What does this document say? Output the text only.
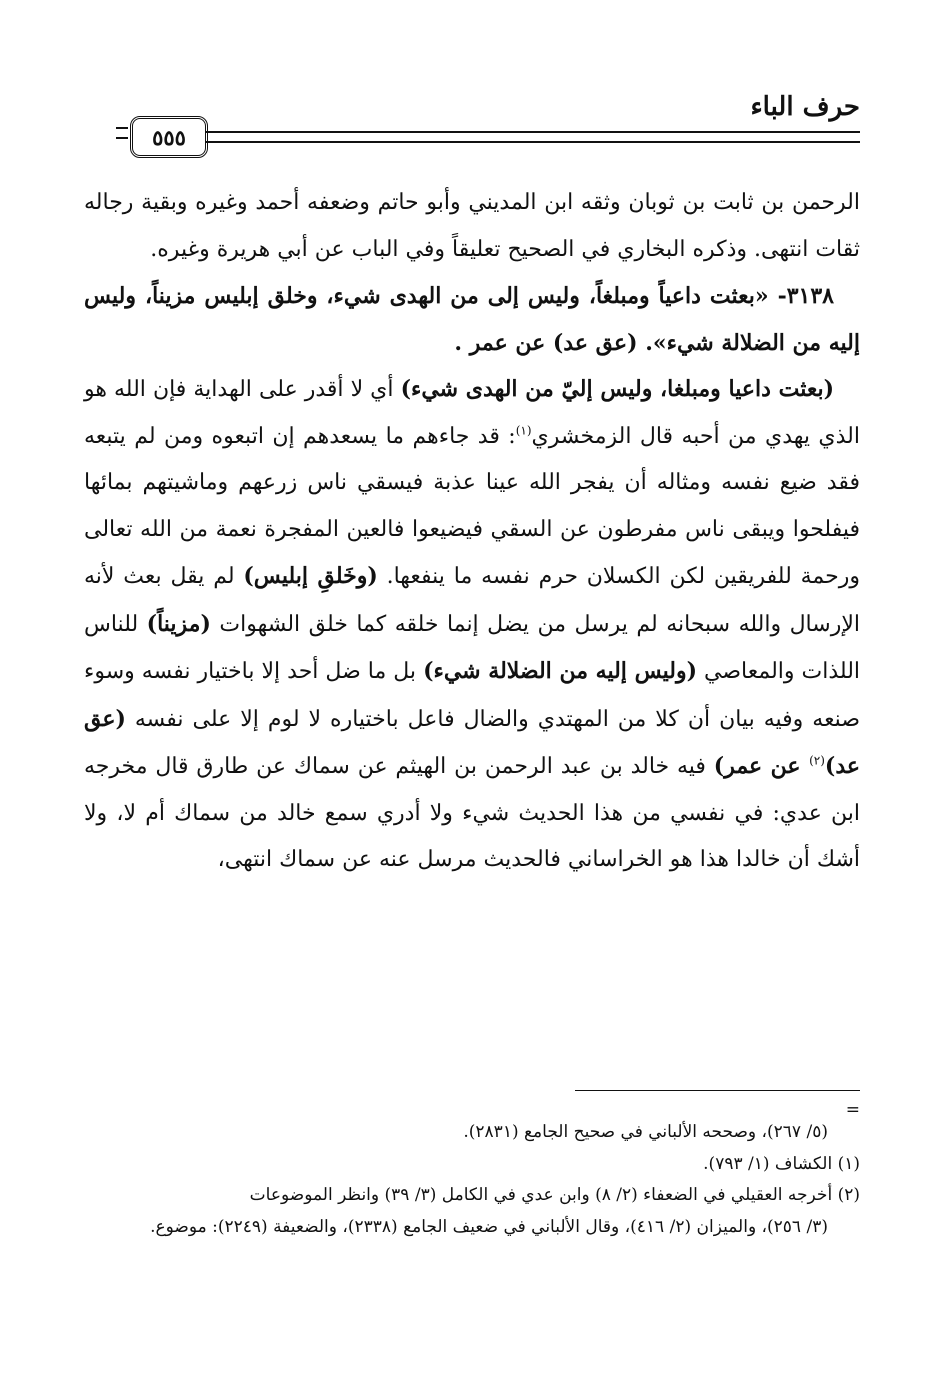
حرف الباء
٥٥٥

الرحمن بن ثابت بن ثوبان وثقه ابن المديني وأبو حاتم وضعفه أحمد وغيره وبقية رجاله ثقات انتهى. وذكره البخاري في الصحيح تعليقاً وفي الباب عن أبي هريرة وغيره.

٣١٣٨- «بعثت داعياً ومبلغاً، وليس إلى من الهدى شيء، وخلق إبليس مزيناً، وليس إليه من الضلالة شيء». (عق عد) عن عمر .

(بعثت داعيا ومبلغا، وليس إليّ من الهدى شيء) أي لا أقدر على الهداية فإن الله هو الذي يهدي من أحبه قال الزمخشري$^{(١)}$: قد جاءهم ما يسعدهم إن اتبعوه ومن لم يتبعه فقد ضيع نفسه ومثاله أن يفجر الله عينا عذبة فيسقي ناس زرعهم وماشيتهم بمائها فيفلحوا ويبقى ناس مفرطون عن السقي فيضيعوا فالعين المفجرة نعمة من الله تعالى ورحمة للفريقين لكن الكسلان حرم نفسه ما ينفعها. (وخَلقِ إبليس) لم يقل بعث لأنه الإرسال والله سبحانه لم يرسل من يضل إنما خلقه كما خلق الشهوات (مزيناً) للناس اللذات والمعاصي (وليس إليه من الضلالة شيء) بل ما ضل أحد إلا باختيار نفسه وسوء صنعه وفيه بيان أن كلا من المهتدي والضال فاعل باختياره لا لوم إلا على نفسه (عق عد)$^{(٢)}$ عن عمر) فيه خالد بن عبد الرحمن بن الهيثم عن سماك عن طارق قال مخرجه ابن عدي: في نفسي من هذا الحديث شيء ولا أدري سمع خالد من سماك أم لا، ولا أشك أن خالدا هذا هو الخراساني فالحديث مرسل عنه عن سماك انتهى،

=

(٥/ ٢٦٧)، وصححه الألباني في صحيح الجامع (٢٨٣١).

(١) الكشاف (١/ ٧٩٣).

(٢) أخرجه العقيلي في الضعفاء (٢/ ٨) وابن عدي في الكامل (٣/ ٣٩) وانظر الموضوعات

(٣/ ٢٥٦)، والميزان (٢/ ٤١٦)، وقال الألباني في ضعيف الجامع (٢٣٣٨)، والضعيفة (٢٢٤٩): موضوع.
